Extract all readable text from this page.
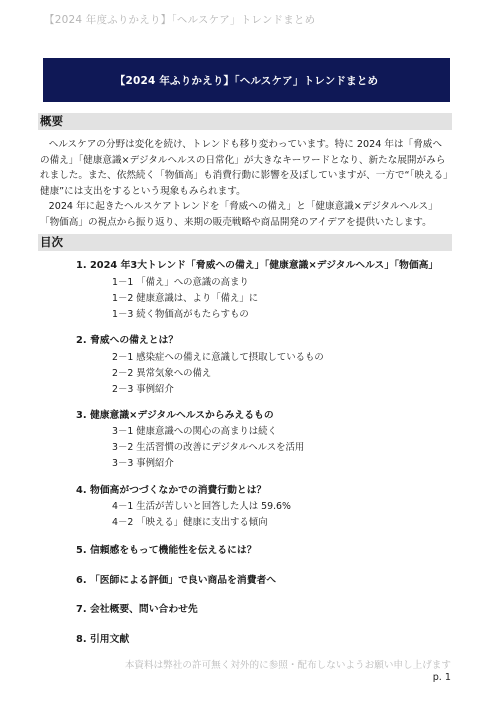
【2024 年度ふりかえり】「ヘルスケア」トレンドまとめ
【2024 年ふりかえり】「ヘルスケア」トレンドまとめ
概要

ヘルスケアの分野は変化を続け、トレンドも移り変わっています。特に 2024 年は「脅威への備え」「健康意識×デジタルヘルスの日常化」が大きなキーワードとなり、新たな展開がみられました。また、依然続く「物価高」も消費行動に影響を及ぼしていますが、一方で“「映える」健康”には支出をするという現象もみられます。

2024 年に起きたヘルスケアトレンドを「脅威への備え」と「健康意識×デジタルヘルス」「物価高」の視点から振り返り、来期の販売戦略や商品開発のアイデアを提供いたします。

目次
1. 2024 年3大トレンド「脅威への備え」「健康意識×デジタルヘルス」「物価高」
1－1 「備え」への意識の高まり
1－2 健康意識は、より「備え」に
1－3 続く物価高がもたらすもの
2. 脅威への備えとは？
2－1 感染症への備えに意識して摂取しているもの
2－2 異常気象への備え
2－3 事例紹介
3. 健康意識×デジタルヘルスからみえるもの
3－1 健康意識への関心の高まりは続く
3－2 生活習慣の改善にデジタルヘルスを活用
3－3 事例紹介
4. 物価高がつづくなかでの消費行動とは？
4－1 生活が苦しいと回答した人は 59.6%
4－2 「映える」健康に支出する傾向
5. 信頼感をもって機能性を伝えるには？
6. 「医師による評価」で良い商品を消費者へ
7. 会社概要、問い合わせ先
8. 引用文献
本資料は弊社の許可無く対外的に参照・配布しないようお願い申し上げます
p. 1
